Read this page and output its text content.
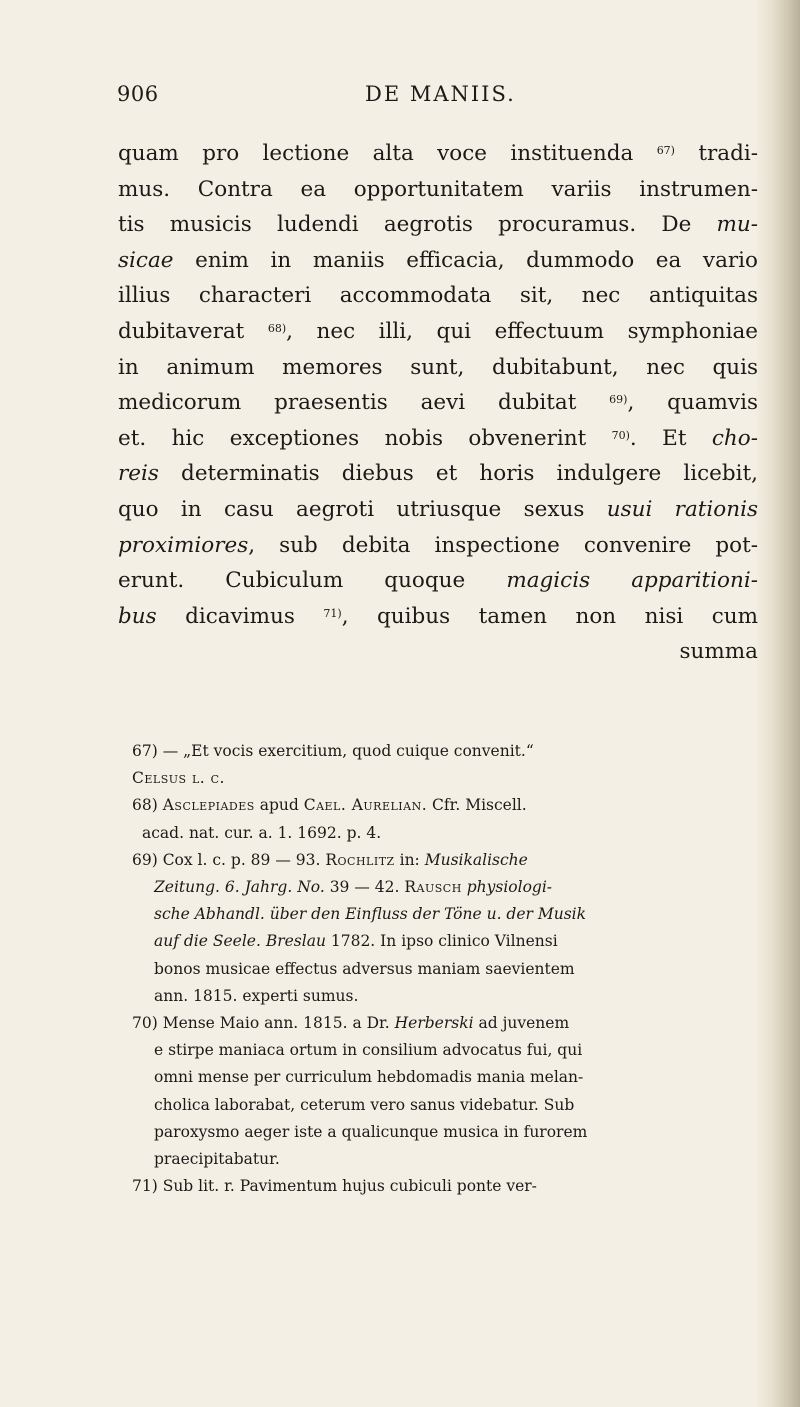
906	DE MANIIS.
quam pro lectione alta voce instituenda $^{67)}$ tradi-
mus. Contra ea opportunitatem variis instrumen-
tis musicis ludendi aegrotis procuramus. De mu-
sicae enim in maniis efficacia, dummodo ea vario
illius characteri accommodata sit, nec antiquitas
dubitaverat $^{68)}$, nec illi, qui effectuum symphoniae
in animum memores sunt, dubitabunt, nec quis
medicorum praesentis aevi dubitat	$^{69)}$, quamvis
et. hic exceptiones nobis obvenerint $^{70)}$. Et cho-
reis determinatis diebus et horis indulgere licebit,
quo in casu aegroti utriusque sexus usui rationis
proximiores, sub debita inspectione convenire pot-
erunt. Cubiculum quoque magicis apparitioni-
bus dicavimus	$^{71)}$, quibus tamen non nisi cum
summa
67) — „Et vocis exercitium, quod cuique convenit.“
Celsus l. c.
68) Asclepiades apud Cael. Aurelian. Cfr. Miscell.
acad. nat. cur. a. 1. 1692. p. 4.
69) Cox l. c. p. 89 — 93. Rochlitz in: Musikalische
Zeitung. 6. Jahrg. No. 39 — 42. Rausch physiologi-
sche Abhandl. über den Einfluss der Töne u. der Musik
auf die Seele. Breslau 1782. In ipso clinico Vilnensi
bonos musicae effectus adversus maniam saevientem
ann. 1815. experti sumus.
70) Mense Maio ann. 1815. a Dr. Herberski ad juvenem
e stirpe maniaca ortum in consilium advocatus fui, qui
omni mense per curriculum hebdomadis mania melan-
cholica laborabat, ceterum vero sanus videbatur. Sub
paroxysmo aeger iste a qualicunque musica in furorem
praecipitabatur.
71) Sub lit. r. Pavimentum hujus cubiculi ponte ver-
